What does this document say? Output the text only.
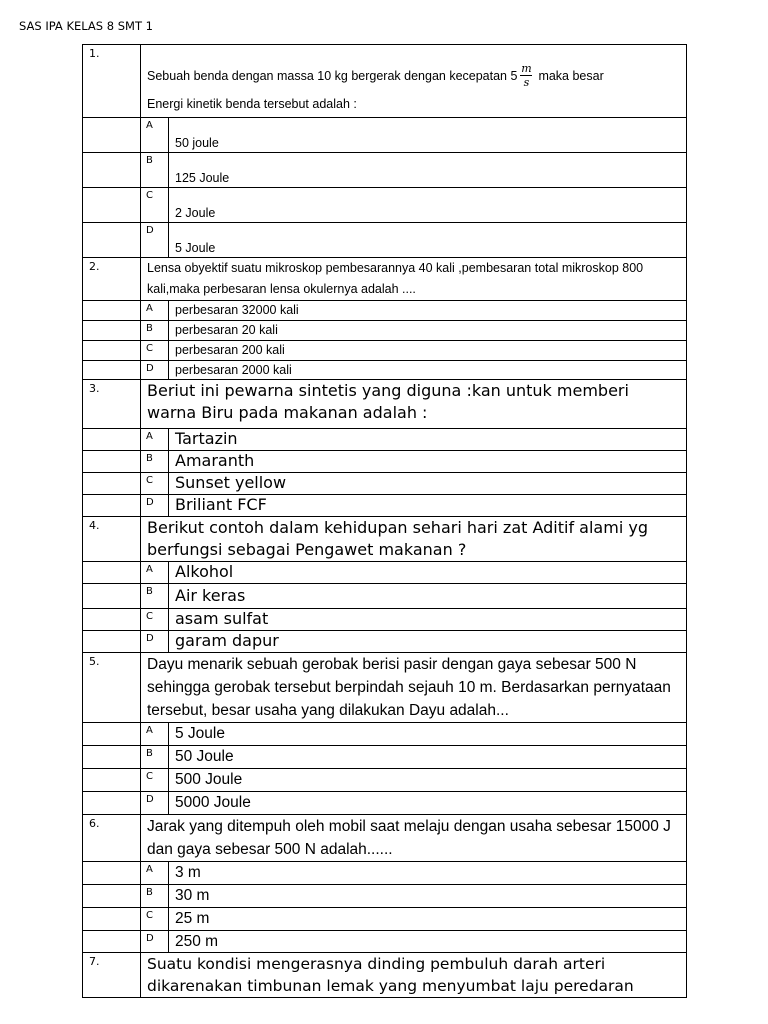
SAS IPA KELAS 8 SMT 1
1.	Sebuah benda dengan massa 10 kg bergerak dengan kecepatan $5 \frac{m}{s}$ maka besar
Energi kinetik benda tersebut adalah :	

	A	50 joule
	B	125 Joule
	C	2 Joule
	D	5 Joule
2.	Lensa obyektif suatu mikroskop pembesarannya 40 kali ,pembesaran total mikroskop 800 kali,maka perbesaran lensa okulernya adalah ....	
	A	perbesaran 32000 kali
	B	perbesaran 20 kali
	C	perbesaran 200 kali
	D	perbesaran 2000 kali
3.	Beriut ini pewarna sintetis yang diguna :kan untuk memberi warna Biru pada makanan adalah :	
	A	Tartazin
	B	Amaranth
	C	Sunset yellow
	D	Briliant FCF
4.	Berikut contoh dalam kehidupan sehari hari zat Aditif alami yg berfungsi sebagai Pengawet makanan ?	
	A	Alkohol
	B	Air keras
	C	asam sulfat
	D	garam dapur
5.	Dayu menarik sebuah gerobak berisi pasir dengan gaya sebesar 500 N sehingga gerobak tersebut berpindah sejauh 10 m. Berdasarkan pernyataan tersebut, besar usaha yang dilakukan Dayu adalah...	
	A	5 Joule
	B	50 Joule
	C	500 Joule
	D	5000 Joule
6.	Jarak yang ditempuh oleh mobil saat melaju dengan usaha sebesar 15000 J dan gaya sebesar 500 N adalah......	
	A	3 m
	B	30 m
	C	25 m
	D	250 m
7.	Suatu kondisi mengerasnya dinding pembuluh darah arteri dikarenakan timbunan lemak yang menyumbat laju peredaran	
